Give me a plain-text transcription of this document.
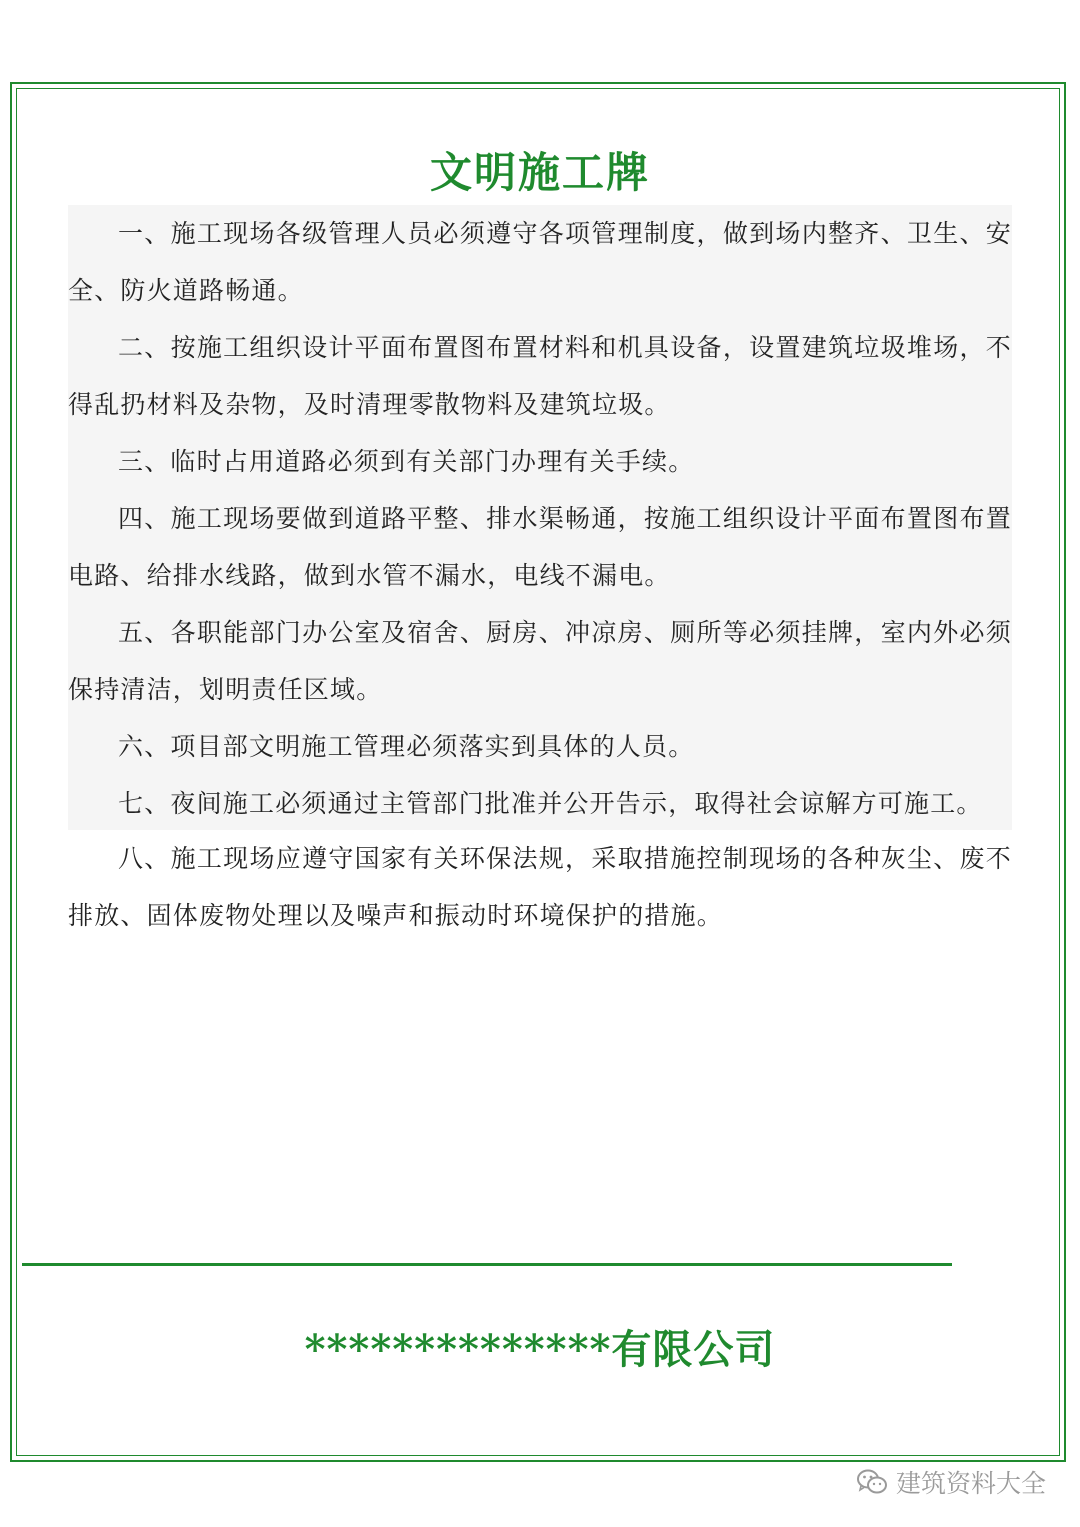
文明施工牌

一、施工现场各级管理人员必须遵守各项管理制度，做到场内整齐、卫生、安全、防火道路畅通。

二、按施工组织设计平面布置图布置材料和机具设备，设置建筑垃圾堆场，不得乱扔材料及杂物，及时清理零散物料及建筑垃圾。

三、临时占用道路必须到有关部门办理有关手续。

四、施工现场要做到道路平整、排水渠畅通，按施工组织设计平面布置图布置电路、给排水线路，做到水管不漏水，电线不漏电。

五、各职能部门办公室及宿舍、厨房、冲凉房、厕所等必须挂牌，室内外必须保持清洁，划明责任区域。

六、项目部文明施工管理必须落实到具体的人员。

七、夜间施工必须通过主管部门批准并公开告示，取得社会谅解方可施工。

八、施工现场应遵守国家有关环保法规，采取措施控制现场的各种灰尘、废不排放、固体废物处理以及噪声和振动时环境保护的措施。

**************有限公司
建筑资料大全
